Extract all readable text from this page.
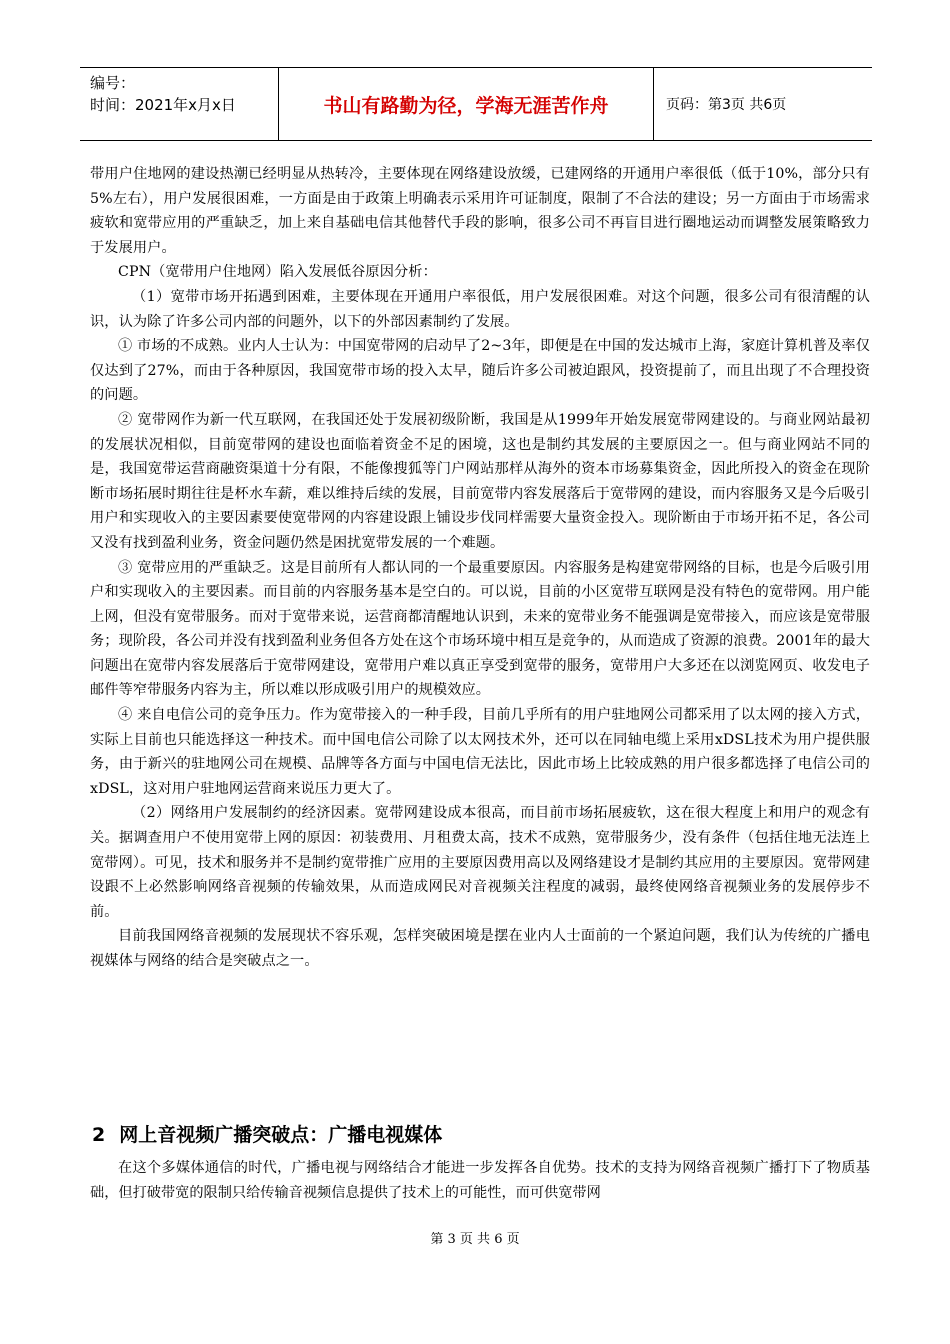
编号：
时间：2021年x月x日	书山有路勤为径，学海无涯苦作舟	页码：第3页 共6页

带用户住地网的建设热潮已经明显从热转冷，主要体现在网络建设放缓，已建网络的开通用户率很低（低于10%，部分只有5%左右），用户发展很困难，一方面是由于政策上明确表示采用许可证制度，限制了不合法的建设；另一方面由于市场需求疲软和宽带应用的严重缺乏，加上来自基础电信其他替代手段的影响，很多公司不再盲目进行圈地运动而调整发展策略致力于发展用户。

CPN（宽带用户住地网）陷入发展低谷原因分析：

（1）宽带市场开拓遇到困难，主要体现在开通用户率很低，用户发展很困难。对这个问题，很多公司有很清醒的认识，认为除了许多公司内部的问题外，以下的外部因素制约了发展。

① 市场的不成熟。业内人士认为：中国宽带网的启动早了2~3年，即便是在中国的发达城市上海，家庭计算机普及率仅仅达到了27%，而由于各种原因，我国宽带市场的投入太早，随后许多公司被迫跟风，投资提前了，而且出现了不合理投资的问题。

② 宽带网作为新一代互联网，在我国还处于发展初级阶断，我国是从1999年开始发展宽带网建设的。与商业网站最初的发展状况相似，目前宽带网的建设也面临着资金不足的困境，这也是制约其发展的主要原因之一。但与商业网站不同的是，我国宽带运营商融资渠道十分有限，不能像搜狐等门户网站那样从海外的资本市场募集资金，因此所投入的资金在现阶断市场拓展时期往往是杯水车薪，难以维持后续的发展，目前宽带内容发展落后于宽带网的建设，而内容服务又是今后吸引用户和实现收入的主要因素要使宽带网的内容建设跟上铺设步伐同样需要大量资金投入。现阶断由于市场开拓不足，各公司又没有找到盈利业务，资金问题仍然是困扰宽带发展的一个难题。

③ 宽带应用的严重缺乏。这是目前所有人都认同的一个最重要原因。内容服务是构建宽带网络的目标，也是今后吸引用户和实现收入的主要因素。而目前的内容服务基本是空白的。可以说，目前的小区宽带互联网是没有特色的宽带网。用户能上网，但没有宽带服务。而对于宽带来说，运营商都清醒地认识到，未来的宽带业务不能强调是宽带接入，而应该是宽带服务；现阶段，各公司并没有找到盈利业务但各方处在这个市场环境中相互是竞争的，从而造成了资源的浪费。2001年的最大问题出在宽带内容发展落后于宽带网建设，宽带用户难以真正享受到宽带的服务，宽带用户大多还在以浏览网页、收发电子邮件等窄带服务内容为主，所以难以形成吸引用户的规模效应。

④ 来自电信公司的竞争压力。作为宽带接入的一种手段，目前几乎所有的用户驻地网公司都采用了以太网的接入方式，实际上目前也只能选择这一种技术。而中国电信公司除了以太网技术外，还可以在同轴电缆上采用xDSL技术为用户提供服务，由于新兴的驻地网公司在规模、品牌等各方面与中国电信无法比，因此市场上比较成熟的用户很多都选择了电信公司的xDSL，这对用户驻地网运营商来说压力更大了。

（2）网络用户发展制约的经济因素。宽带网建设成本很高，而目前市场拓展疲软，这在很大程度上和用户的观念有关。据调查用户不使用宽带上网的原因：初装费用、月租费太高，技术不成熟，宽带服务少，没有条件（包括住地无法连上宽带网）。可见，技术和服务并不是制约宽带推广应用的主要原因费用高以及网络建设才是制约其应用的主要原因。宽带网建设跟不上必然影响网络音视频的传输效果，从而造成网民对音视频关注程度的减弱，最终使网络音视频业务的发展停步不前。

目前我国网络音视频的发展现状不容乐观，怎样突破困境是摆在业内人士面前的一个紧迫问题，我们认为传统的广播电视媒体与网络的结合是突破点之一。

2 网上音视频广播突破点：广播电视媒体

在这个多媒体通信的时代，广播电视与网络结合才能进一步发挥各自优势。技术的支持为网络音视频广播打下了物质基础，但打破带宽的限制只给传输音视频信息提供了技术上的可能性，而可供宽带网

第 3 页 共 6 页
